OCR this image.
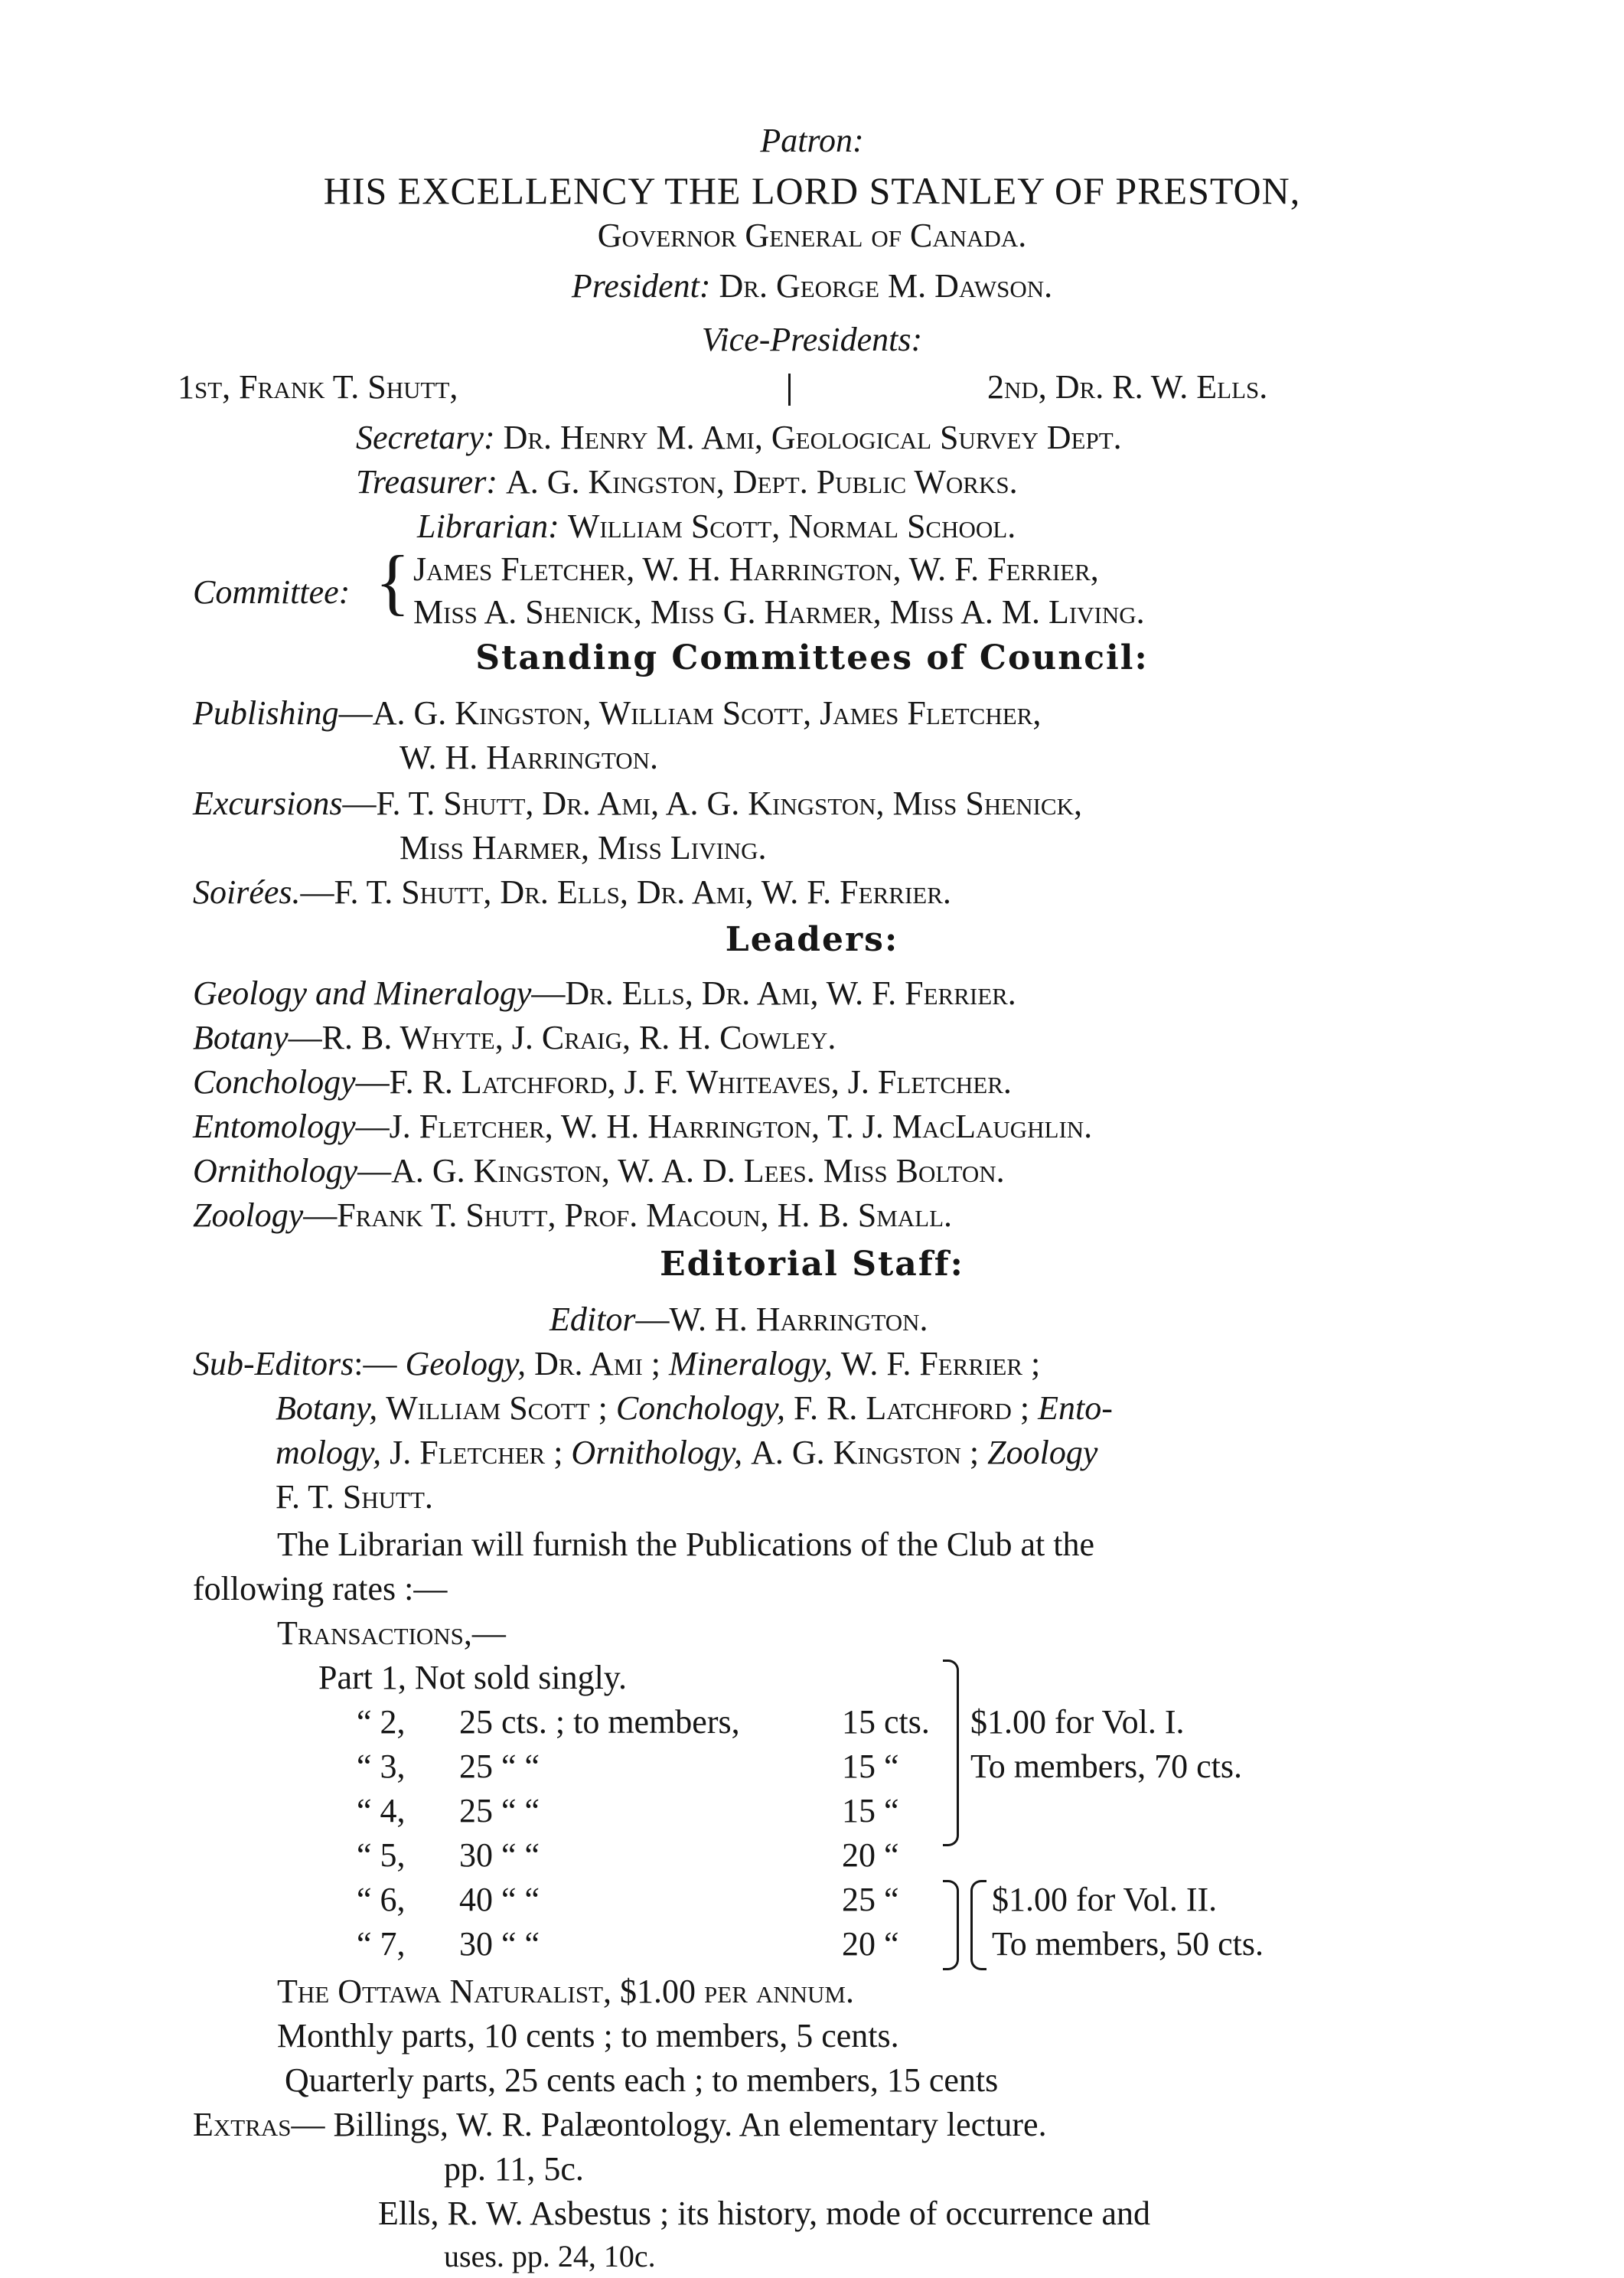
Patron:
HIS EXCELLENCY THE LORD STANLEY OF PRESTON,
Governor General of Canada.
President: Dr. George M. Dawson.
Vice-Presidents:
1st, Frank T. Shutt,	2nd, Dr. R. W. Ells.
Secretary: Dr. Henry M. Ami, Geological Survey Dept.
Treasurer: A. G. Kingston, Dept. Public Works.
Librarian: William Scott, Normal School.
Committee: { James Fletcher, W. H. Harrington, W. F. Ferrier,
Miss A. Shenick, Miss G. Harmer, Miss A. M. Living.
Standing Committees of Council:
Publishing—A. G. Kingston, William Scott, James Fletcher,
W. H. Harrington.
Excursions—F. T. Shutt, Dr. Ami, A. G. Kingston, Miss Shenick,
Miss Harmer, Miss Living.
Soirées.—F. T. Shutt, Dr. Ells, Dr. Ami, W. F. Ferrier.
Leaders:
Geology and Mineralogy—Dr. Ells, Dr. Ami, W. F. Ferrier.
Botany—R. B. Whyte, J. Craig, R. H. Cowley.
Conchology—F. R. Latchford, J. F. Whiteaves, J. Fletcher.
Entomology—J. Fletcher, W. H. Harrington, T. J. MacLaughlin.
Ornithology—A. G. Kingston, W. A. D. Lees. Miss Bolton.
Zoology—Frank T. Shutt, Prof. Macoun, H. B. Small.
Editorial Staff:
Editor—W. H. Harrington.
Sub-Editors:— Geology, Dr. Ami ; Mineralogy, W. F. Ferrier ;
Botany, William Scott ; Conchology, F. R. Latchford ; Ento-
mology, J. Fletcher ; Ornithology, A. G. Kingston ; Zoology
F. T. Shutt.
The Librarian will furnish the Publications of the Club at the
following rates :—
Transactions,—
Part 1, Not sold singly.
“ 2, 25 cts. ; to members,	15 cts.
“ 3, 25 “ “	15 “
“ 4, 25 “ “	15 “
“ 5, 30 “ “	20 “
“ 6, 40 “ “	25 “
“ 7, 30 “ “	20 “
$1.00 for Vol. I.
To members, 70 cts.
$1.00 for Vol. II.
To members, 50 cts.
The Ottawa Naturalist, $1.00 per annum.
Monthly parts, 10 cents ; to members, 5 cents.
Quarterly parts, 25 cents each ; to members, 15 cents
Extras— Billings, W. R. Palæontology. An elementary lecture.
pp. 11, 5c.
Ells, R. W. Asbestus ; its history, mode of occurrence and
uses. pp. 24, 10c.
